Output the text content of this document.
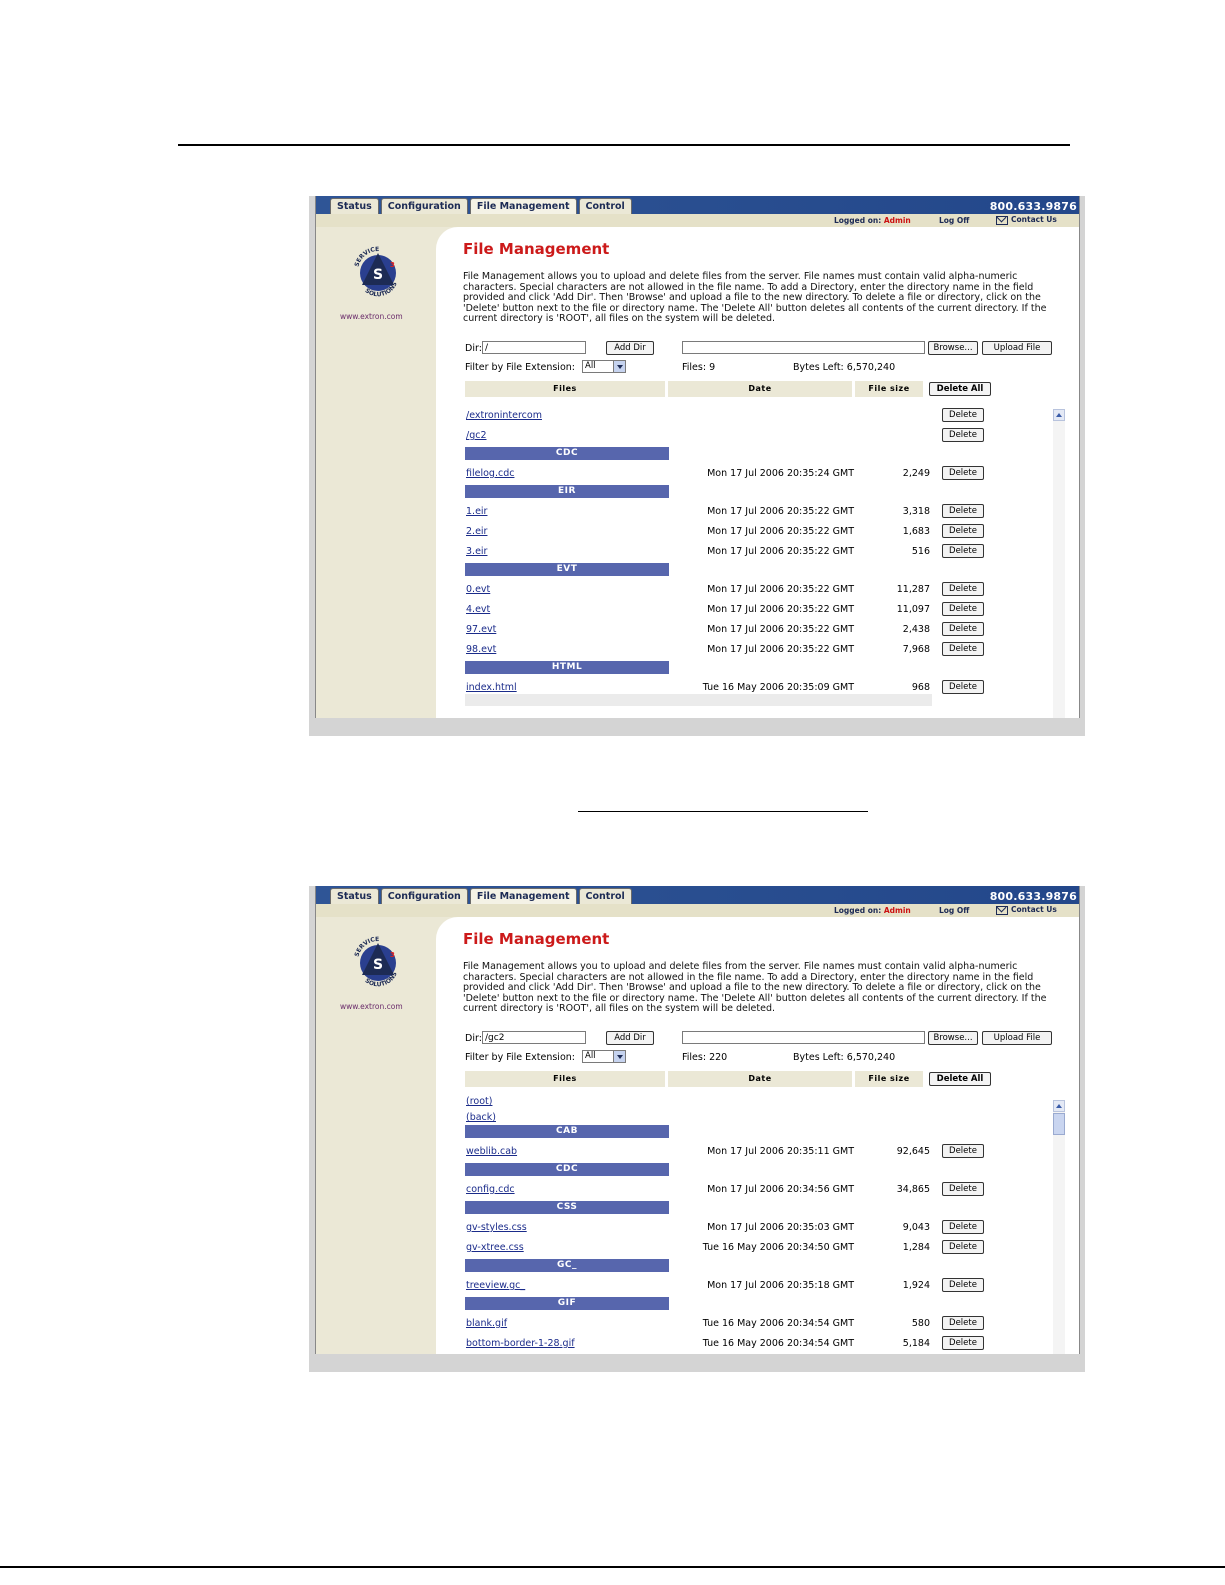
Status	Configuration	File Management	Control	800.633.9876
Logged on: Admin	Log Off	Contact Us
S
3
SERVICE
SOLUTIONS
www.extron.com
File Management
File Management allows you to upload and delete files from the server. File names must contain valid alpha-numeric characters. Special characters are not allowed in the file name. To add a Directory, enter the directory name in the field provided and click 'Add Dir'. Then 'Browse' and upload a file to the new directory. To delete a file or directory, click on the 'Delete' button next to the file or directory name. The 'Delete All' button deletes all contents of the current directory. If the current directory is 'ROOT', all files on the system will be deleted.
Dir: /	Add Dir	Browse...	Upload File
Filter by File Extension:	All	Files: 9	Bytes Left: 6,570,240
Files	Date	File size	Delete All
/extronintercom	Delete
/gc2	Delete
CDC
filelog.cdc	Mon 17 Jul 2006 20:35:24 GMT	2,249	Delete
EIR
1.eir	Mon 17 Jul 2006 20:35:22 GMT	3,318	Delete
2.eir	Mon 17 Jul 2006 20:35:22 GMT	1,683	Delete
3.eir	Mon 17 Jul 2006 20:35:22 GMT	516	Delete
EVT
0.evt	Mon 17 Jul 2006 20:35:22 GMT	11,287	Delete
4.evt	Mon 17 Jul 2006 20:35:22 GMT	11,097	Delete
97.evt	Mon 17 Jul 2006 20:35:22 GMT	2,438	Delete
98.evt	Mon 17 Jul 2006 20:35:22 GMT	7,968	Delete
HTML
index.html	Tue 16 May 2006 20:35:09 GMT	968	Delete
Status	Configuration	File Management	Control	800.633.9876
Logged on: Admin	Log Off	Contact Us
S
3
SERVICE
SOLUTIONS
www.extron.com
File Management
File Management allows you to upload and delete files from the server. File names must contain valid alpha-numeric characters. Special characters are not allowed in the file name. To add a Directory, enter the directory name in the field provided and click 'Add Dir'. Then 'Browse' and upload a file to the new directory. To delete a file or directory, click on the 'Delete' button next to the file or directory name. The 'Delete All' button deletes all contents of the current directory. If the current directory is 'ROOT', all files on the system will be deleted.
Dir: /gc2	Add Dir	Browse...	Upload File
Filter by File Extension:	All	Files: 220	Bytes Left: 6,570,240
Files	Date	File size	Delete All
(root)
(back)
CAB
weblib.cab	Mon 17 Jul 2006 20:35:11 GMT	92,645	Delete
CDC
config.cdc	Mon 17 Jul 2006 20:34:56 GMT	34,865	Delete
CSS
gv-styles.css	Mon 17 Jul 2006 20:35:03 GMT	9,043	Delete
gv-xtree.css	Tue 16 May 2006 20:34:50 GMT	1,284	Delete
GC_
treeview.gc_	Mon 17 Jul 2006 20:35:18 GMT	1,924	Delete
GIF
blank.gif	Tue 16 May 2006 20:34:54 GMT	580	Delete
bottom-border-1-28.gif	Tue 16 May 2006 20:34:54 GMT	5,184	Delete
